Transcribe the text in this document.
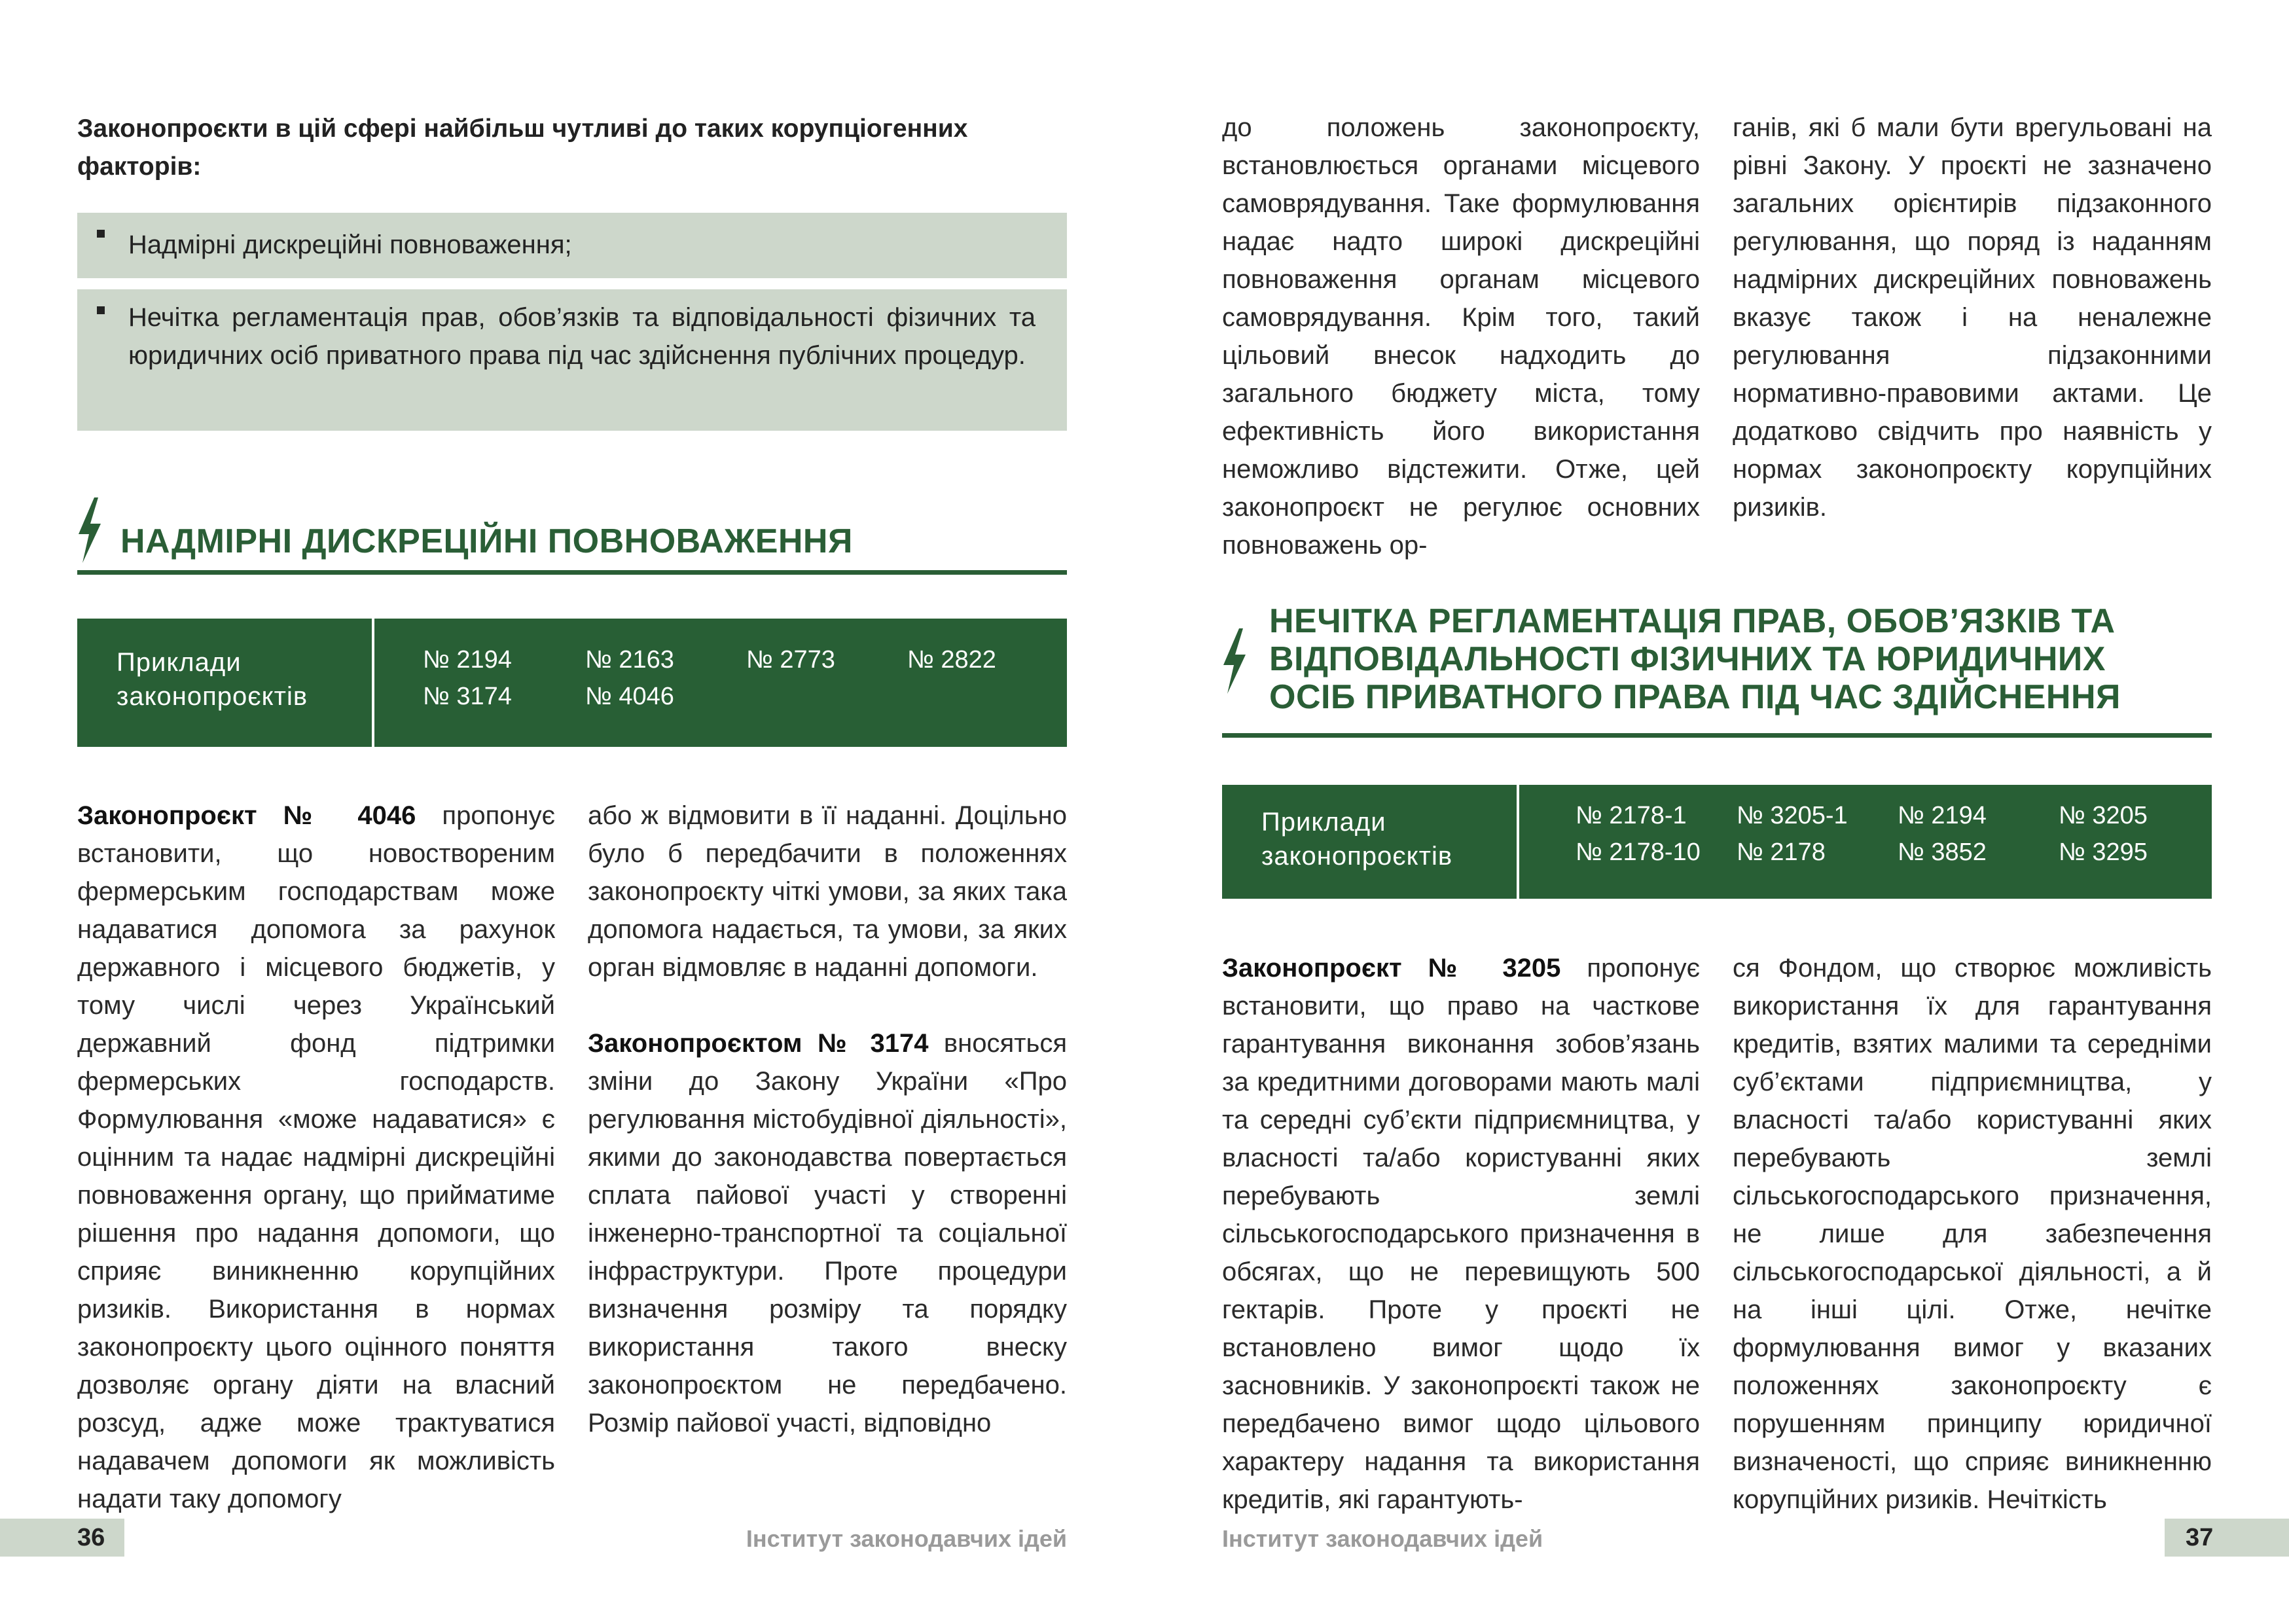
Законопроєкти в цій сфері найбільш чутливі до таких корупціогенних факторів:
Надмірні дискреційні повноваження;
Нечітка регламентація прав, обов’язків та відповідальності фізичних та юридичних осіб приватного права під час здійснення публічних процедур.
НАДМІРНІ ДИСКРЕЦІЙНІ ПОВНОВАЖЕННЯ
Приклади
законопроєктів
№ 2194	№ 2163	№ 2773	№ 2822
№ 3174	№ 4046
Законопроєкт № 4046 пропонує встановити, що новоствореним фермерським господарствам може надаватися допомога за рахунок державного і місцевого бюджетів, у тому числі через Український державний фонд підтримки фермерських господарств. Формулювання «може надаватися» є оцінним та надає надмірні дискреційні повноваження органу, що прийматиме рішення про надання допомоги, що сприяє виникненню корупційних ризиків. Використання в нормах законопроєкту цього оцінного поняття дозволяє органу діяти на власний розсуд, адже може трактуватися надавачем допомоги як можливість надати таку допомогу
або ж відмовити в її наданні. Доцільно було б передбачити в положеннях законопроєкту чіткі умови, за яких така допомога надається, та умови, за яких орган відмовляє в наданні допомоги.
Законопроєктом № 3174 вносяться зміни до Закону України «Про регулювання містобудівної діяльності», якими до законодавства повертається сплата пайової участі у створенні інженерно-транспортної та соціальної інфраструктури. Проте процедури визначення розміру та порядку використання такого внеску законопроєктом не передбачено. Розмір пайової участі, відповідно
36	Інститут законодавчих ідей
до положень законопроєкту, встановлюється органами місцевого самоврядування. Таке формулювання надає надто широкі дискреційні повноваження органам місцевого самоврядування. Крім того, такий цільовий внесок надходить до загального бюджету міста, тому ефективність його використання неможливо відстежити. Отже, цей законопроєкт не регулює основних повноважень ор-
ганів, які б мали бути врегульовані на рівні Закону. У проєкті не зазначено загальних орієнтирів підзаконного регулювання, що поряд із наданням надмірних дискреційних повноважень вказує також і на неналежне регулювання підзаконними нормативно-правовими актами. Це додатково свідчить про наявність у нормах законопроєкту корупційних ризиків.
НЕЧІТКА РЕГЛАМЕНТАЦІЯ ПРАВ, ОБОВ’ЯЗКІВ ТА
ВІДПОВІДАЛЬНОСТІ ФІЗИЧНИХ ТА ЮРИДИЧНИХ
ОСІБ ПРИВАТНОГО ПРАВА ПІД ЧАС ЗДІЙСНЕННЯ
Приклади
законопроєктів
№ 2178-1 № 3205-1 № 2194	№ 3205
№ 2178-10 № 2178	№ 3852	№ 3295
Законопроєкт № 3205 пропонує встановити, що право на часткове гарантування виконання зобов’язань за кредитними договорами мають малі та середні суб’єкти підприємництва, у власності та/або користуванні яких перебувають землі сільськогосподарського призначення в обсягах, що не перевищують 500 гектарів. Проте у проєкті не встановлено вимог щодо їх засновників. У законопроєкті також не передбачено вимог щодо цільового характеру надання та використання кредитів, які гарантують-
ся Фондом, що створює можливість використання їх для гарантування кредитів, взятих малими та середніми суб’єктами підприємництва, у власності та/або користуванні яких перебувають землі сільськогосподарського призначення, не лише для забезпечення сільськогосподарської діяльності, а й на інші цілі. Отже, нечітке формулювання вимог у вказаних положеннях законопроєкту є порушенням принципу юридичної визначеності, що сприяє виникненню корупційних ризиків. Нечіткість
Інститут законодавчих ідей	37
